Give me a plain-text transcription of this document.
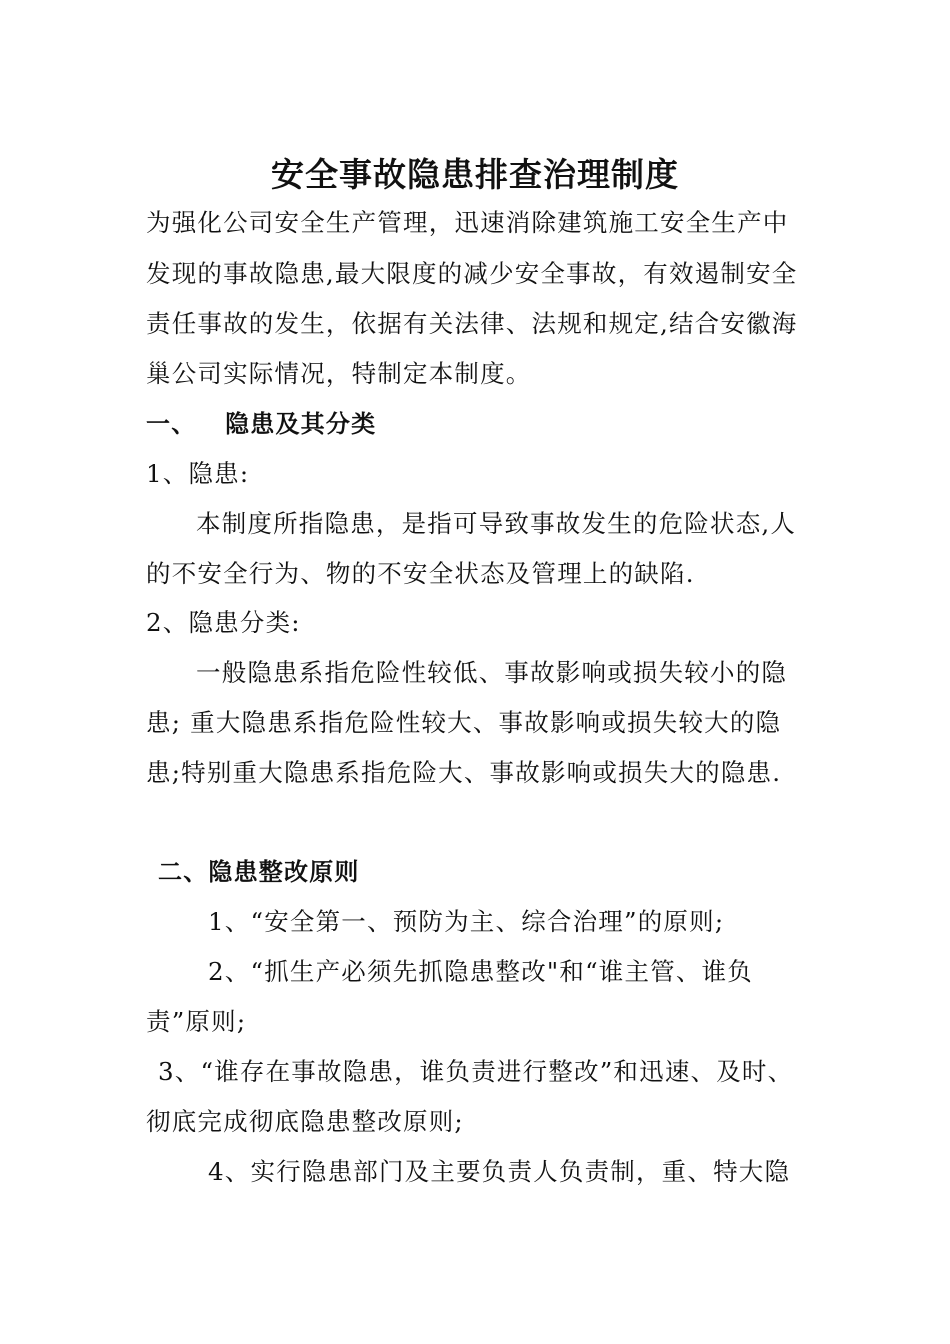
安全事故隐患排查治理制度
为强化公司安全生产管理，迅速消除建筑施工安全生产中
发现的事故隐患,最大限度的减少安全事故，有效遏制安全
责任事故的发生，依据有关法律、法规和规定,结合安徽海
巢公司实际情况，特制定本制度。
一、   隐患及其分类
1、隐患:
本制度所指隐患，是指可导致事故发生的危险状态,人
的不安全行为、物的不安全状态及管理上的缺陷.
2、隐患分类:
一般隐患系指危险性较低、事故影响或损失较小的隐
患; 重大隐患系指危险性较大、事故影响或损失较大的隐
患;特别重大隐患系指危险大、事故影响或损失大的隐患.
二、隐患整改原则
1、“安全第一、预防为主、综合治理”的原则;
2、“抓生产必须先抓隐患整改"和“谁主管、谁负
责”原则;
3、“谁存在事故隐患，谁负责进行整改”和迅速、及时、
彻底完成彻底隐患整改原则;
4、实行隐患部门及主要负责人负责制，重、特大隐
